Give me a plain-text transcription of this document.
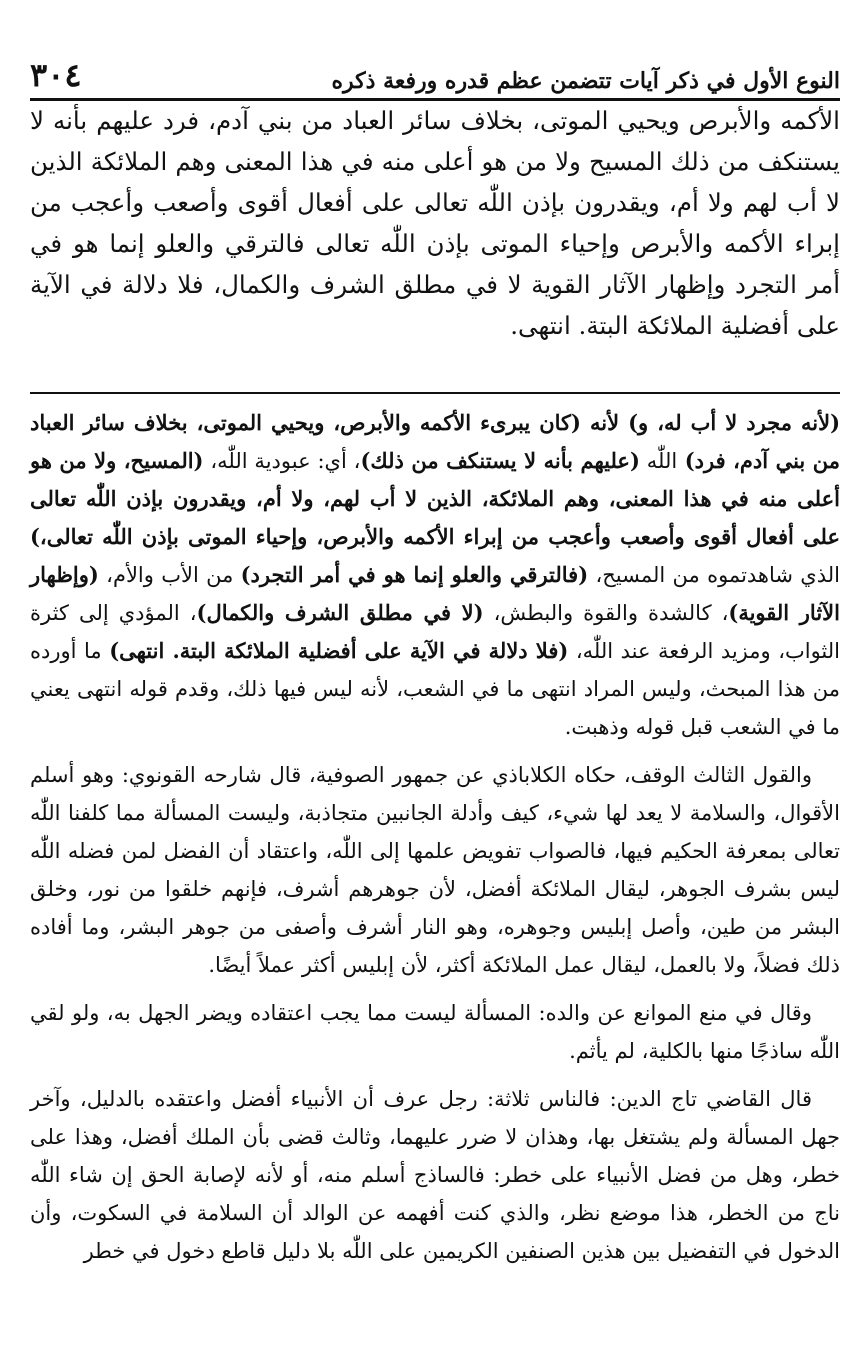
النوع الأول في ذكر آيات تتضمن عظم قدره ورفعة ذكره
٣٠٤
الأكمه والأبرص ويحيي الموتى، بخلاف سائر العباد من بني آدم، فرد عليهم بأنه لا يستنكف من ذلك المسيح ولا من هو أعلى منه في هذا المعنى وهم الملائكة الذين لا أب لهم ولا أم، ويقدرون بإذن اللّٰه تعالى على أفعال أقوى وأصعب وأعجب من إبراء الأكمه والأبرص وإحياء الموتى بإذن اللّٰه تعالى فالترقي والعلو إنما هو في أمر التجرد وإظهار الآثار القوية لا في مطلق الشرف والكمال، فلا دلالة في الآية على أفضلية الملائكة البتة. انتهى.

(لأنه مجرد لا أب له، و) لأنه (كان يبرىء الأكمه والأبرص، ويحيي الموتى، بخلاف سائر العباد من بني آدم، فرد) اللّٰه (عليهم بأنه لا يستنكف من ذلك)، أي: عبودية اللّٰه، (المسيح، ولا من هو أعلى منه في هذا المعنى، وهم الملائكة، الذين لا أب لهم، ولا أم، ويقدرون بإذن اللّٰه تعالى على أفعال أقوى وأصعب وأعجب من إبراء الأكمه والأبرص، وإحياء الموتى بإذن اللّٰه تعالى،) الذي شاهدتموه من المسيح، (فالترقي والعلو إنما هو في أمر التجرد) من الأب والأم، (وإظهار الآثار القوية)، كالشدة والقوة والبطش، (لا في مطلق الشرف والكمال)، المؤدي إلى كثرة الثواب، ومزيد الرفعة عند اللّٰه، (فلا دلالة في الآية على أفضلية الملائكة البتة. انتهى) ما أورده من هذا المبحث، وليس المراد انتهى ما في الشعب، لأنه ليس فيها ذلك، وقدم قوله انتهى يعني ما في الشعب قبل قوله وذهبت.

والقول الثالث الوقف، حكاه الكلاباذي عن جمهور الصوفية، قال شارحه القونوي: وهو أسلم الأقوال، والسلامة لا يعد لها شيء، كيف وأدلة الجانبين متجاذبة، وليست المسألة مما كلفنا اللّٰه تعالى بمعرفة الحكيم فيها، فالصواب تفويض علمها إلى اللّٰه، واعتقاد أن الفضل لمن فضله اللّٰه ليس بشرف الجوهر، ليقال الملائكة أفضل، لأن جوهرهم أشرف، فإنهم خلقوا من نور، وخلق البشر من طين، وأصل إبليس وجوهره، وهو النار أشرف وأصفى من جوهر البشر، وما أفاده ذلك فضلاً، ولا بالعمل، ليقال عمل الملائكة أكثر، لأن إبليس أكثر عملاً أيضًا.

وقال في منع الموانع عن والده: المسألة ليست مما يجب اعتقاده ويضر الجهل به، ولو لقي اللّٰه ساذجًا منها بالكلية، لم يأثم.

قال القاضي تاج الدين: فالناس ثلاثة: رجل عرف أن الأنبياء أفضل واعتقده بالدليل، وآخر جهل المسألة ولم يشتغل بها، وهذان لا ضرر عليهما، وثالث قضى بأن الملك أفضل، وهذا على خطر، وهل من فضل الأنبياء على خطر: فالساذج أسلم منه، أو لأنه لإصابة الحق إن شاء اللّٰه ناج من الخطر، هذا موضع نظر، والذي كنت أفهمه عن الوالد أن السلامة في السكوت، وأن الدخول في التفضيل بين هذين الصنفين الكريمين على اللّٰه بلا دليل قاطع دخول في خطر
